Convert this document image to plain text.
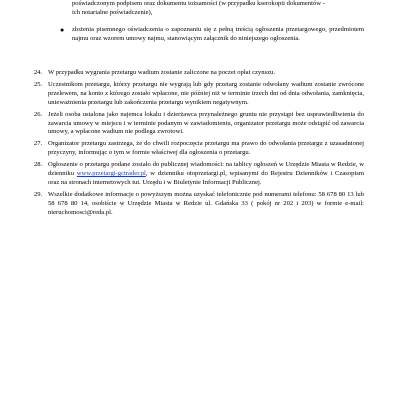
poświadczonym podpisem oraz dokumentu tożsamości (w przypadku kserokopii dokumentów -
ich notarialne poświadczenie),
● złożenia pisemnego oświadczenia o zapoznaniu się z pełną treścią ogłoszenia przetargowego, przedmiotem najmu oraz wzorem umowy najmu, stanowiącym załącznik do niniejszego ogłoszenia.
24. W przypadku wygrania przetargu wadium zostanie zaliczone na poczet opłat czynszu.

25. Uczestnikom przetargu, którzy przetargu nie wygrają lub gdy przetarg zostanie odwołany wadium zostanie zwrócone przelewem, na konto z którego zostało wpłacone, nie później niż w terminie trzech dni od dnia odwołania, zamknięcia, unieważnienia przetargu lub zakończenia przetargu wynikiem negatywnym.

26. Jeżeli osoba ustalona jako najemca lokalu i dzierżawca przynależnego gruntu nie przystąpi bez usprawiedliwienia do zawarcia umowy w miejscu i w terminie podanym w zawiadomieniu, organizator przetargu może odstąpić od zawarcia umowy, a wpłacone wadium nie podlega zwrotowi.

27. Organizator przetargu zastrzega, że do chwili rozpoczęcia przetargu ma prawo do odwołania przetargu z uzasadnionej przyczyny, informując o tym w formie właściwej dla ogłoszenia o przetargu.

28. Ogłoszenie o przetargu podane zostało do publicznej wiadomości: na tablicy ogłoszeń w Urzędzie Miasta w Redzie, w dzienniku www.przetargi-gctrader.pl, w dzienniku otoprzetargi.pl, wpisanymi do Rejestru Dzienników i Czasopism oraz na stronach internetowych tut. Urzędu i w Biuletynie Informacji Publicznej.

29. Wszelkie dodatkowe informacje o powyższym można uzyskać telefonicznie pod numerami telefonu: 58 678 80 13 lub 58 678 80 14, osobiście w Urzędzie Miasta w Redzie ul. Gdańska 33 ( pokój nr 202 i 203) w formie e-mail: nieruchomosci@reda.pl.
